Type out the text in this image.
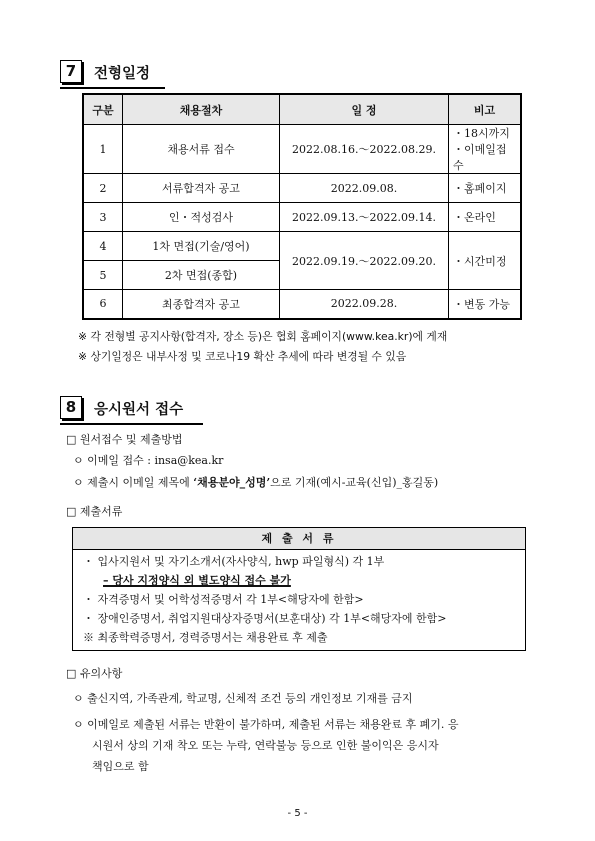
7	전형일정
구분	채용절차	일 정	비고
1	채용서류 접수	2022.08.16.～2022.08.29.	・18시까지
・이메일접수

2	서류합격자 공고	2022.09.08.	・홈페이지
3	인・적성검사	2022.09.13.～2022.09.14.	・온라인
4	1차 면접(기술/영어)	2022.09.19.～2022.09.20.	・시간미정
5	2차 면접(종합)		
6	최종합격자 공고	2022.09.28.	・변동 가능
※ 각 전형별 공지사항(합격자, 장소 등)은 협회 홈페이지(www.kea.kr)에 게재
※ 상기일정은 내부사정 및 코로나19 확산 추세에 따라 변경될 수 있음
8	응시원서 접수
□ 원서접수 및 제출방법
ㅇ 이메일 접수 : insa@kea.kr
ㅇ 제출시 이메일 제목에 ‘채용분야_성명’으로 기재(예시-교육(신입)_홍길동)
□ 제출서류
제 출 서 류
・ 입사지원서 및 자기소개서(자사양식, hwp 파일형식) 각 1부
– 당사 지정양식 외 별도양식 접수 불가
・ 자격증명서 및 어학성적증명서 각 1부<해당자에 한함>
・ 장애인증명서, 취업지원대상자증명서(보훈대상) 각 1부<해당자에 한함>
※ 최종학력증명서, 경력증명서는 채용완료 후 제출
□ 유의사항
ㅇ 출신지역, 가족관계, 학교명, 신체적 조건 등의 개인정보 기재를 금지
ㅇ 이메일로 제출된 서류는 반환이 불가하며, 제출된 서류는 채용완료 후 폐기. 응
시원서 상의 기재 착오 또는 누락, 연락불능 등으로 인한 불이익은 응시자
책임으로 함
- 5 -
